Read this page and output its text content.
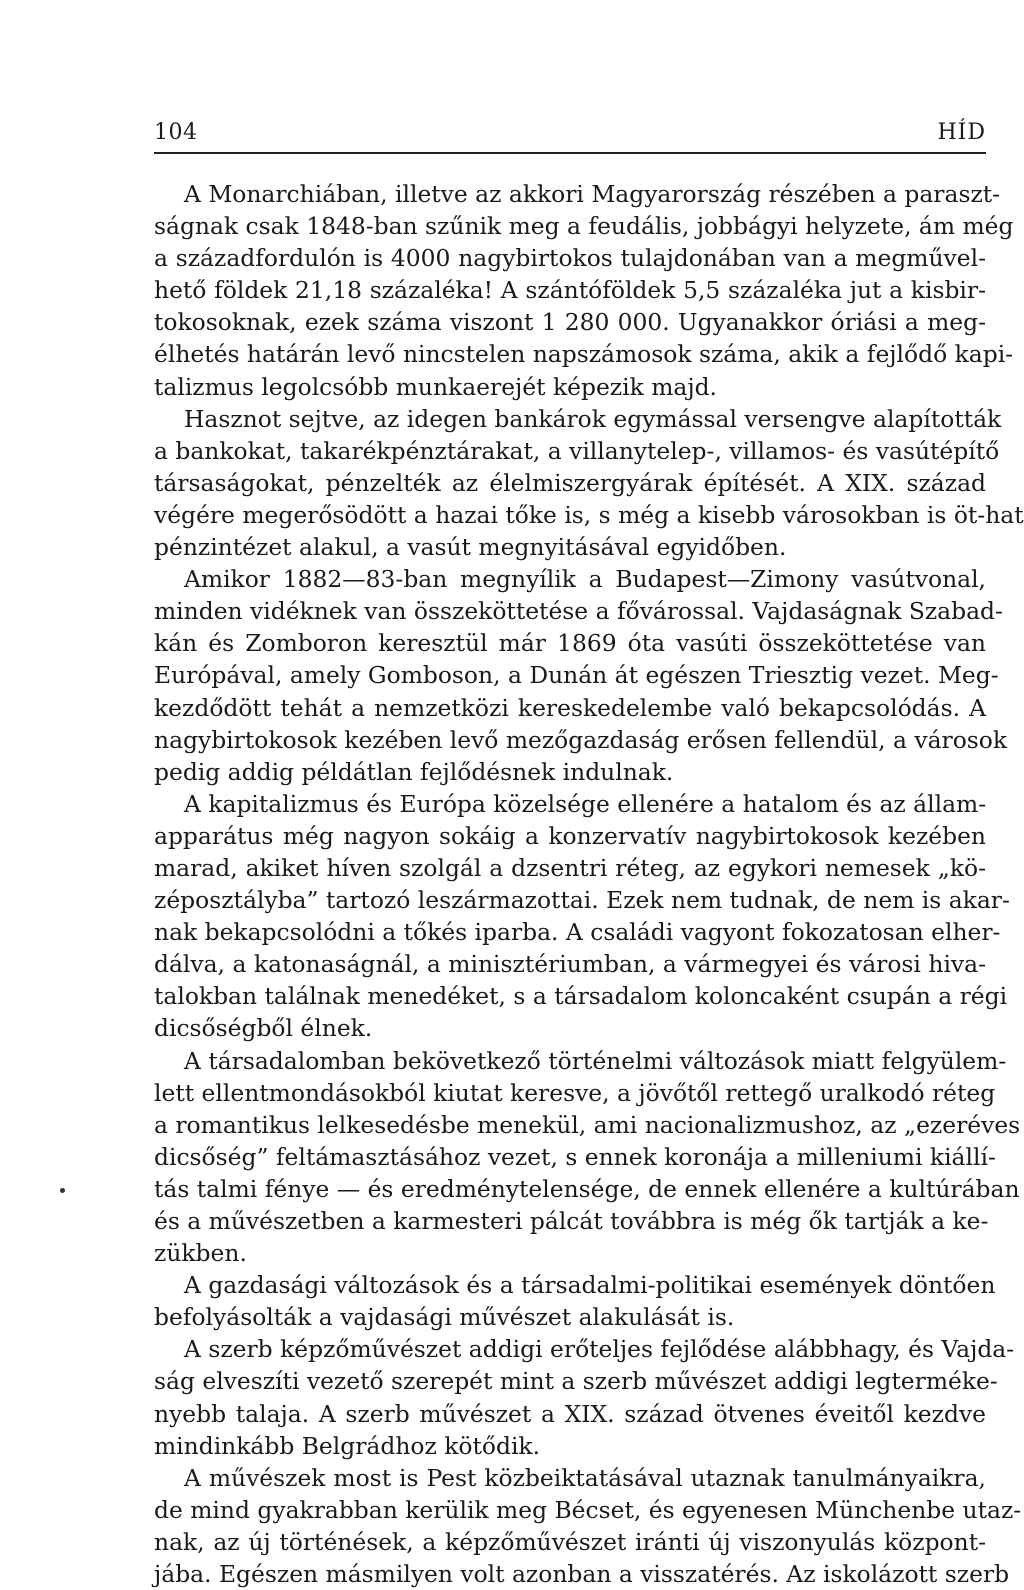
104	HÍD
A Monarchiában, illetve az akkori Magyarország részében a paraszt-
ságnak csak 1848-ban szűnik meg a feudális, jobbágyi helyzete, ám még
a századfordulón is 4000 nagybirtokos tulajdonában van a megművel-
hető földek 21,18 százaléka! A szántóföldek 5,5 százaléka jut a kisbir-
tokosoknak, ezek száma viszont 1 280 000. Ugyanakkor óriási a meg-
élhetés határán levő nincstelen napszámosok száma, akik a fejlődő kapi-
talizmus legolcsóbb munkaerejét képezik majd.
Hasznot sejtve, az idegen bankárok egymással versengve alapították
a bankokat, takarékpénztárakat, a villanytelep-, villamos- és vasútépítő
társaságokat, pénzelték az élelmiszergyárak építését. A XIX. század
végére megerősödött a hazai tőke is, s még a kisebb városokban is öt-hat
pénzintézet alakul, a vasút megnyitásával egyidőben.
Amikor 1882—83-ban megnyílik a Budapest—Zimony vasútvonal,
minden vidéknek van összeköttetése a fővárossal. Vajdaságnak Szabad-
kán és Zomboron keresztül már 1869 óta vasúti összeköttetése van
Európával, amely Gomboson, a Dunán át egészen Triesztig vezet. Meg-
kezdődött tehát a nemzetközi kereskedelembe való bekapcsolódás. A
nagybirtokosok kezében levő mezőgazdaság erősen fellendül, a városok
pedig addig példátlan fejlődésnek indulnak.
A kapitalizmus és Európa közelsége ellenére a hatalom és az állam-
apparátus még nagyon sokáig a konzervatív nagybirtokosok kezében
marad, akiket híven szolgál a dzsentri réteg, az egykori nemesek „kö-
zéposztályba” tartozó leszármazottai. Ezek nem tudnak, de nem is akar-
nak bekapcsolódni a tőkés iparba. A családi vagyont fokozatosan elher-
dálva, a katonaságnál, a minisztériumban, a vármegyei és városi hiva-
talokban találnak menedéket, s a társadalom koloncaként csupán a régi
dicsőségből élnek.
A társadalomban bekövetkező történelmi változások miatt felgyülem-
lett ellentmondásokból kiutat keresve, a jövőtől rettegő uralkodó réteg
a romantikus lelkesedésbe menekül, ami nacionalizmushoz, az „ezeréves
dicsőség” feltámasztásához vezet, s ennek koronája a milleniumi kiállí-
tás talmi fénye — és eredménytelensége, de ennek ellenére a kultúrában
és a művészetben a karmesteri pálcát továbbra is még ők tartják a ke-
zükben.
A gazdasági változások és a társadalmi-politikai események döntően
befolyásolták a vajdasági művészet alakulását is.
A szerb képzőművészet addigi erőteljes fejlődése alábbhagy, és Vajda-
ság elveszíti vezető szerepét mint a szerb művészet addigi legterméke-
nyebb talaja. A szerb művészet a XIX. század ötvenes éveitől kezdve
mindinkább Belgrádhoz kötődik.
A művészek most is Pest közbeiktatásával utaznak tanulmányaikra,
de mind gyakrabban kerülik meg Bécset, és egyenesen Münchenbe utaz-
nak, az új történések, a képzőművészet iránti új viszonyulás központ-
jába. Egészen másmilyen volt azonban a visszatérés. Az iskolázott szerb
